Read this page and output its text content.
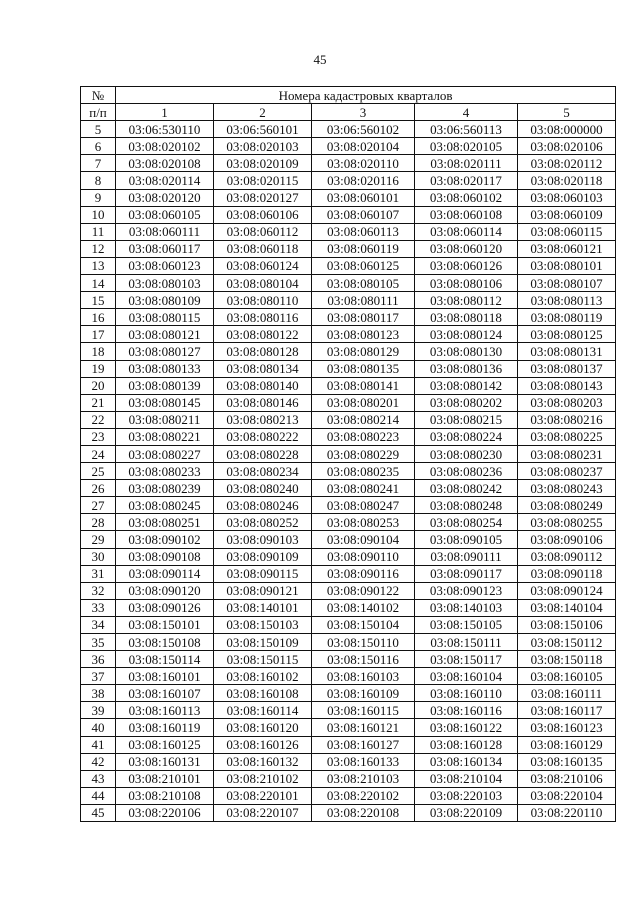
45
№	Номера кадастровых кварталов				
п/п	1	2	3	4	5
5	03:06:530110	03:06:560101	03:06:560102	03:06:560113	03:08:000000
6	03:08:020102	03:08:020103	03:08:020104	03:08:020105	03:08:020106
7	03:08:020108	03:08:020109	03:08:020110	03:08:020111	03:08:020112
8	03:08:020114	03:08:020115	03:08:020116	03:08:020117	03:08:020118
9	03:08:020120	03:08:020127	03:08:060101	03:08:060102	03:08:060103
10	03:08:060105	03:08:060106	03:08:060107	03:08:060108	03:08:060109
11	03:08:060111	03:08:060112	03:08:060113	03:08:060114	03:08:060115
12	03:08:060117	03:08:060118	03:08:060119	03:08:060120	03:08:060121
13	03:08:060123	03:08:060124	03:08:060125	03:08:060126	03:08:080101
14	03:08:080103	03:08:080104	03:08:080105	03:08:080106	03:08:080107
15	03:08:080109	03:08:080110	03:08:080111	03:08:080112	03:08:080113
16	03:08:080115	03:08:080116	03:08:080117	03:08:080118	03:08:080119
17	03:08:080121	03:08:080122	03:08:080123	03:08:080124	03:08:080125
18	03:08:080127	03:08:080128	03:08:080129	03:08:080130	03:08:080131
19	03:08:080133	03:08:080134	03:08:080135	03:08:080136	03:08:080137
20	03:08:080139	03:08:080140	03:08:080141	03:08:080142	03:08:080143
21	03:08:080145	03:08:080146	03:08:080201	03:08:080202	03:08:080203
22	03:08:080211	03:08:080213	03:08:080214	03:08:080215	03:08:080216
23	03:08:080221	03:08:080222	03:08:080223	03:08:080224	03:08:080225
24	03:08:080227	03:08:080228	03:08:080229	03:08:080230	03:08:080231
25	03:08:080233	03:08:080234	03:08:080235	03:08:080236	03:08:080237
26	03:08:080239	03:08:080240	03:08:080241	03:08:080242	03:08:080243
27	03:08:080245	03:08:080246	03:08:080247	03:08:080248	03:08:080249
28	03:08:080251	03:08:080252	03:08:080253	03:08:080254	03:08:080255
29	03:08:090102	03:08:090103	03:08:090104	03:08:090105	03:08:090106
30	03:08:090108	03:08:090109	03:08:090110	03:08:090111	03:08:090112
31	03:08:090114	03:08:090115	03:08:090116	03:08:090117	03:08:090118
32	03:08:090120	03:08:090121	03:08:090122	03:08:090123	03:08:090124
33	03:08:090126	03:08:140101	03:08:140102	03:08:140103	03:08:140104
34	03:08:150101	03:08:150103	03:08:150104	03:08:150105	03:08:150106
35	03:08:150108	03:08:150109	03:08:150110	03:08:150111	03:08:150112
36	03:08:150114	03:08:150115	03:08:150116	03:08:150117	03:08:150118
37	03:08:160101	03:08:160102	03:08:160103	03:08:160104	03:08:160105
38	03:08:160107	03:08:160108	03:08:160109	03:08:160110	03:08:160111
39	03:08:160113	03:08:160114	03:08:160115	03:08:160116	03:08:160117
40	03:08:160119	03:08:160120	03:08:160121	03:08:160122	03:08:160123
41	03:08:160125	03:08:160126	03:08:160127	03:08:160128	03:08:160129
42	03:08:160131	03:08:160132	03:08:160133	03:08:160134	03:08:160135
43	03:08:210101	03:08:210102	03:08:210103	03:08:210104	03:08:210106
44	03:08:210108	03:08:220101	03:08:220102	03:08:220103	03:08:220104
45	03:08:220106	03:08:220107	03:08:220108	03:08:220109	03:08:220110
